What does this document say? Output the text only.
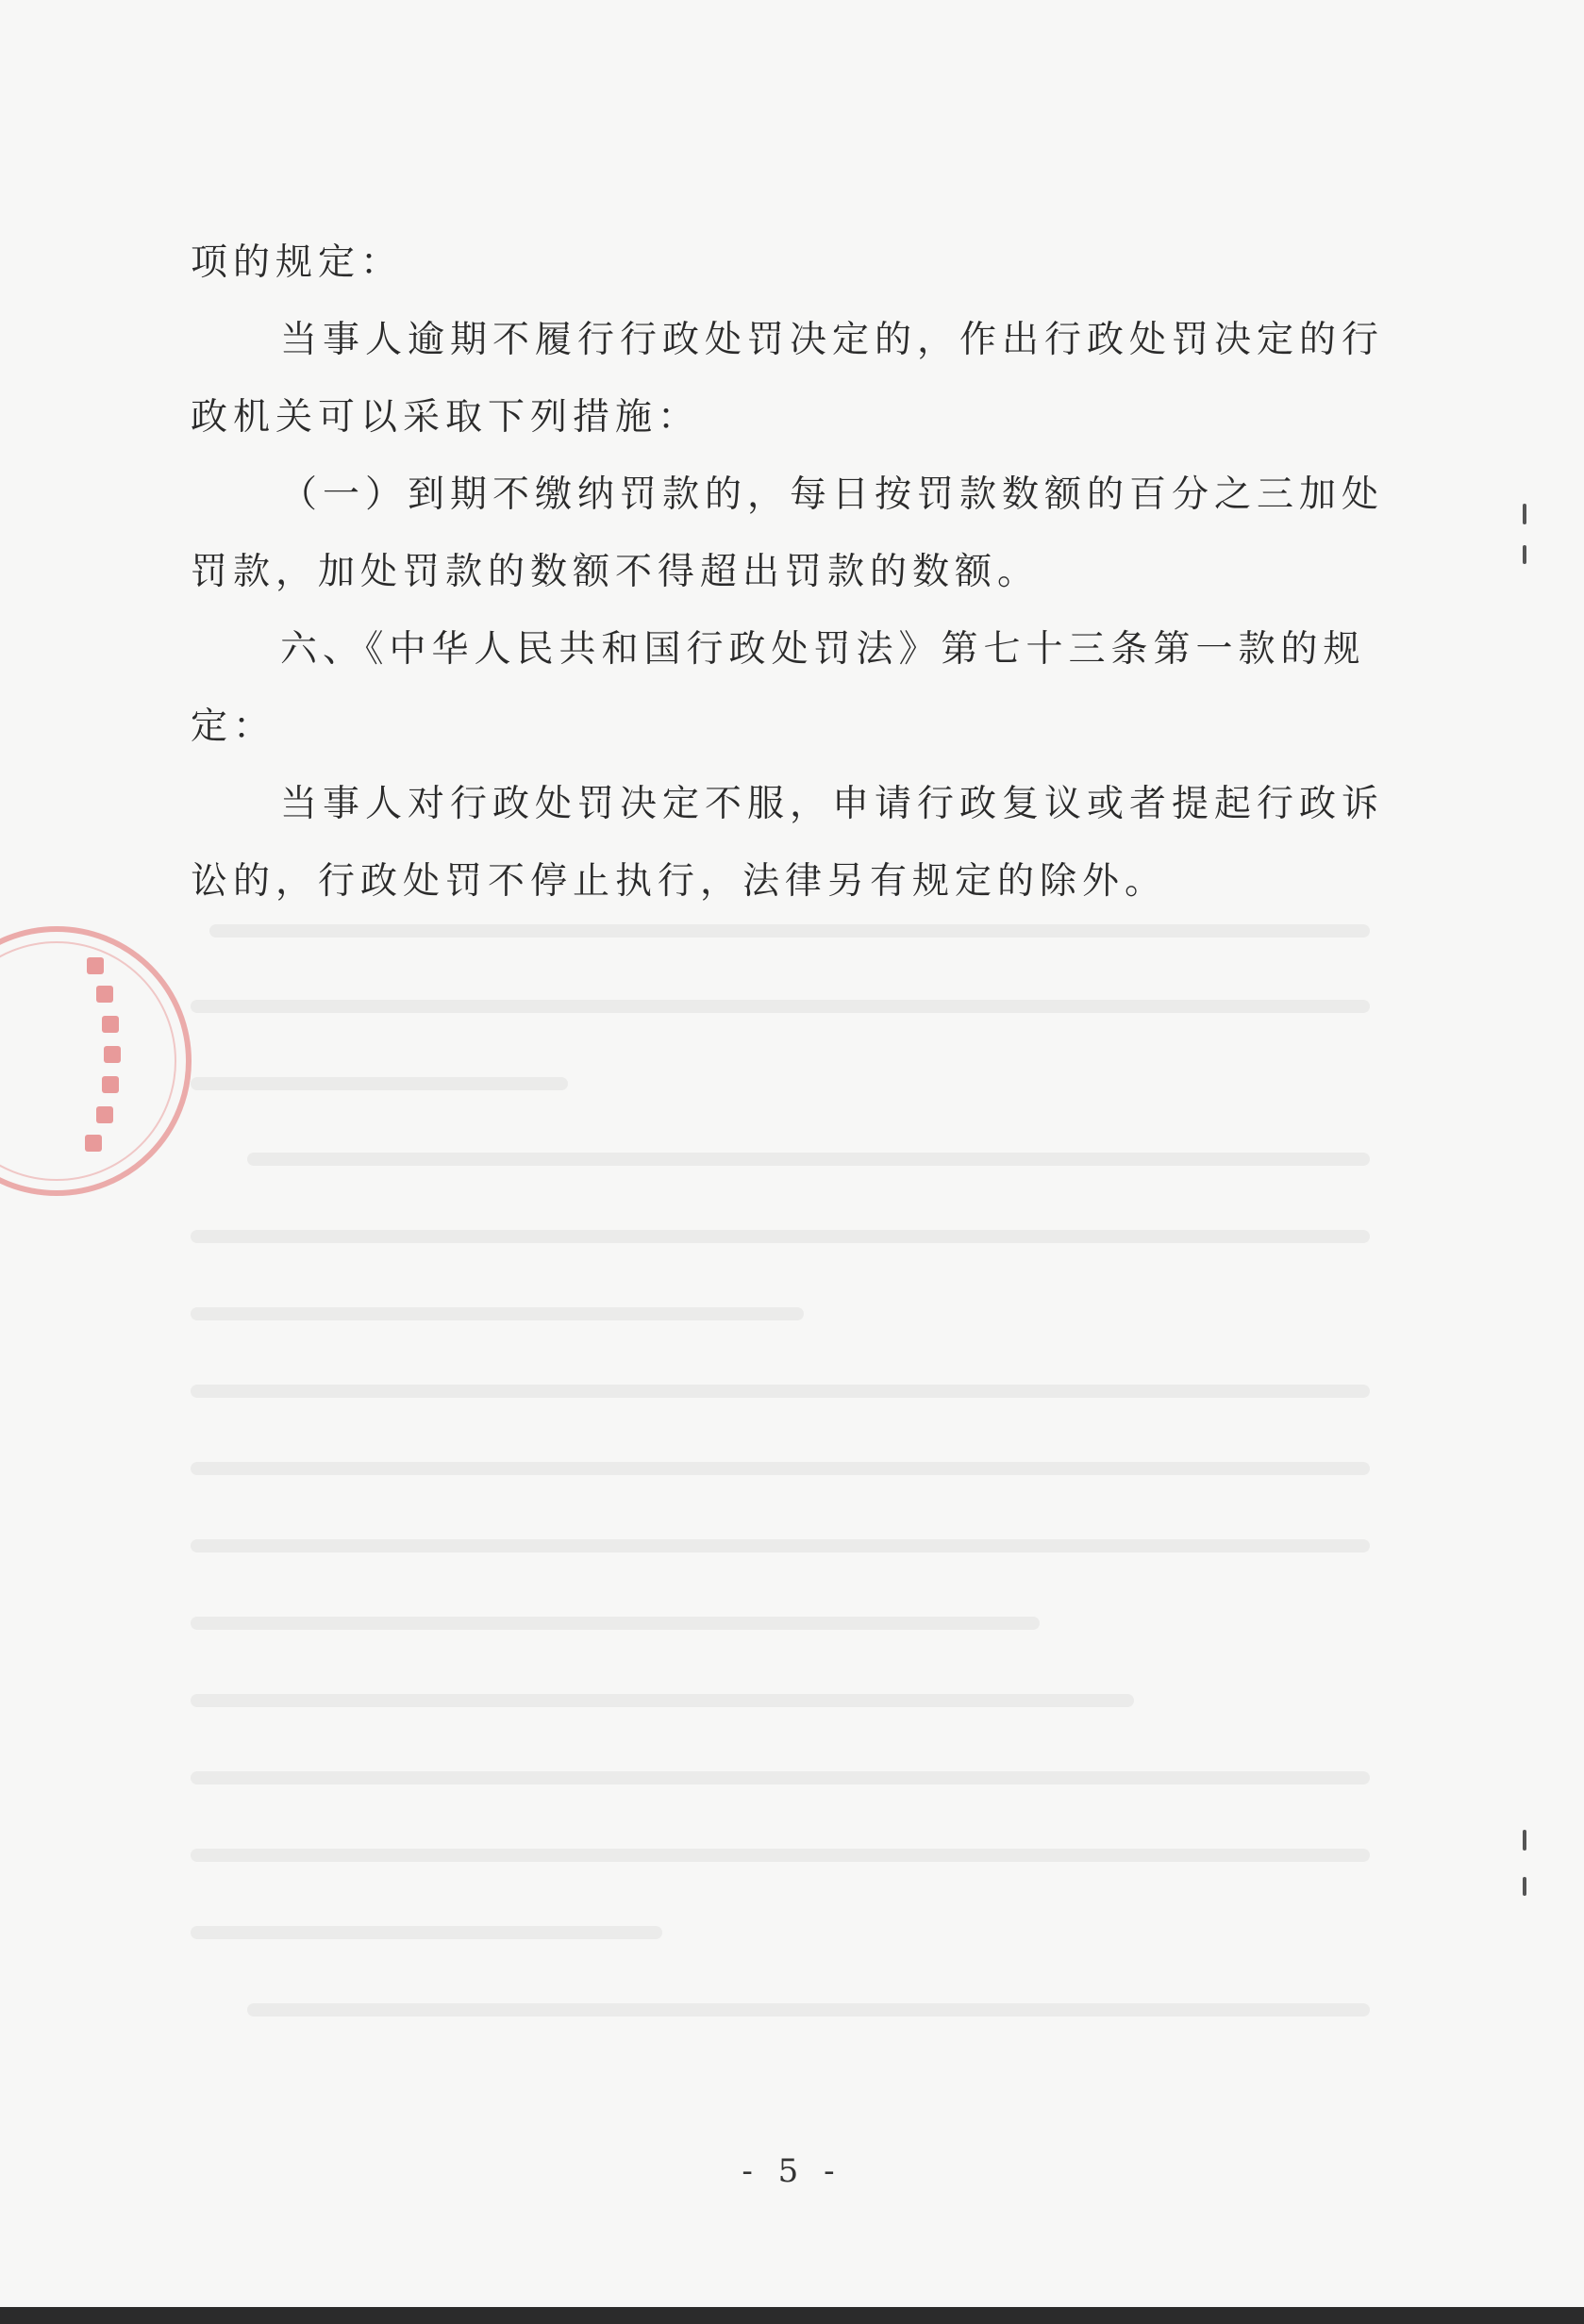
项的规定：

当事人逾期不履行行政处罚决定的，作出行政处罚决定的行政机关可以采取下列措施：

（一）到期不缴纳罚款的，每日按罚款数额的百分之三加处罚款，加处罚款的数额不得超出罚款的数额。

六、《中华人民共和国行政处罚法》第七十三条第一款的规定：

当事人对行政处罚决定不服，申请行政复议或者提起行政诉讼的，行政处罚不停止执行，法律另有规定的除外。

- 5 -
